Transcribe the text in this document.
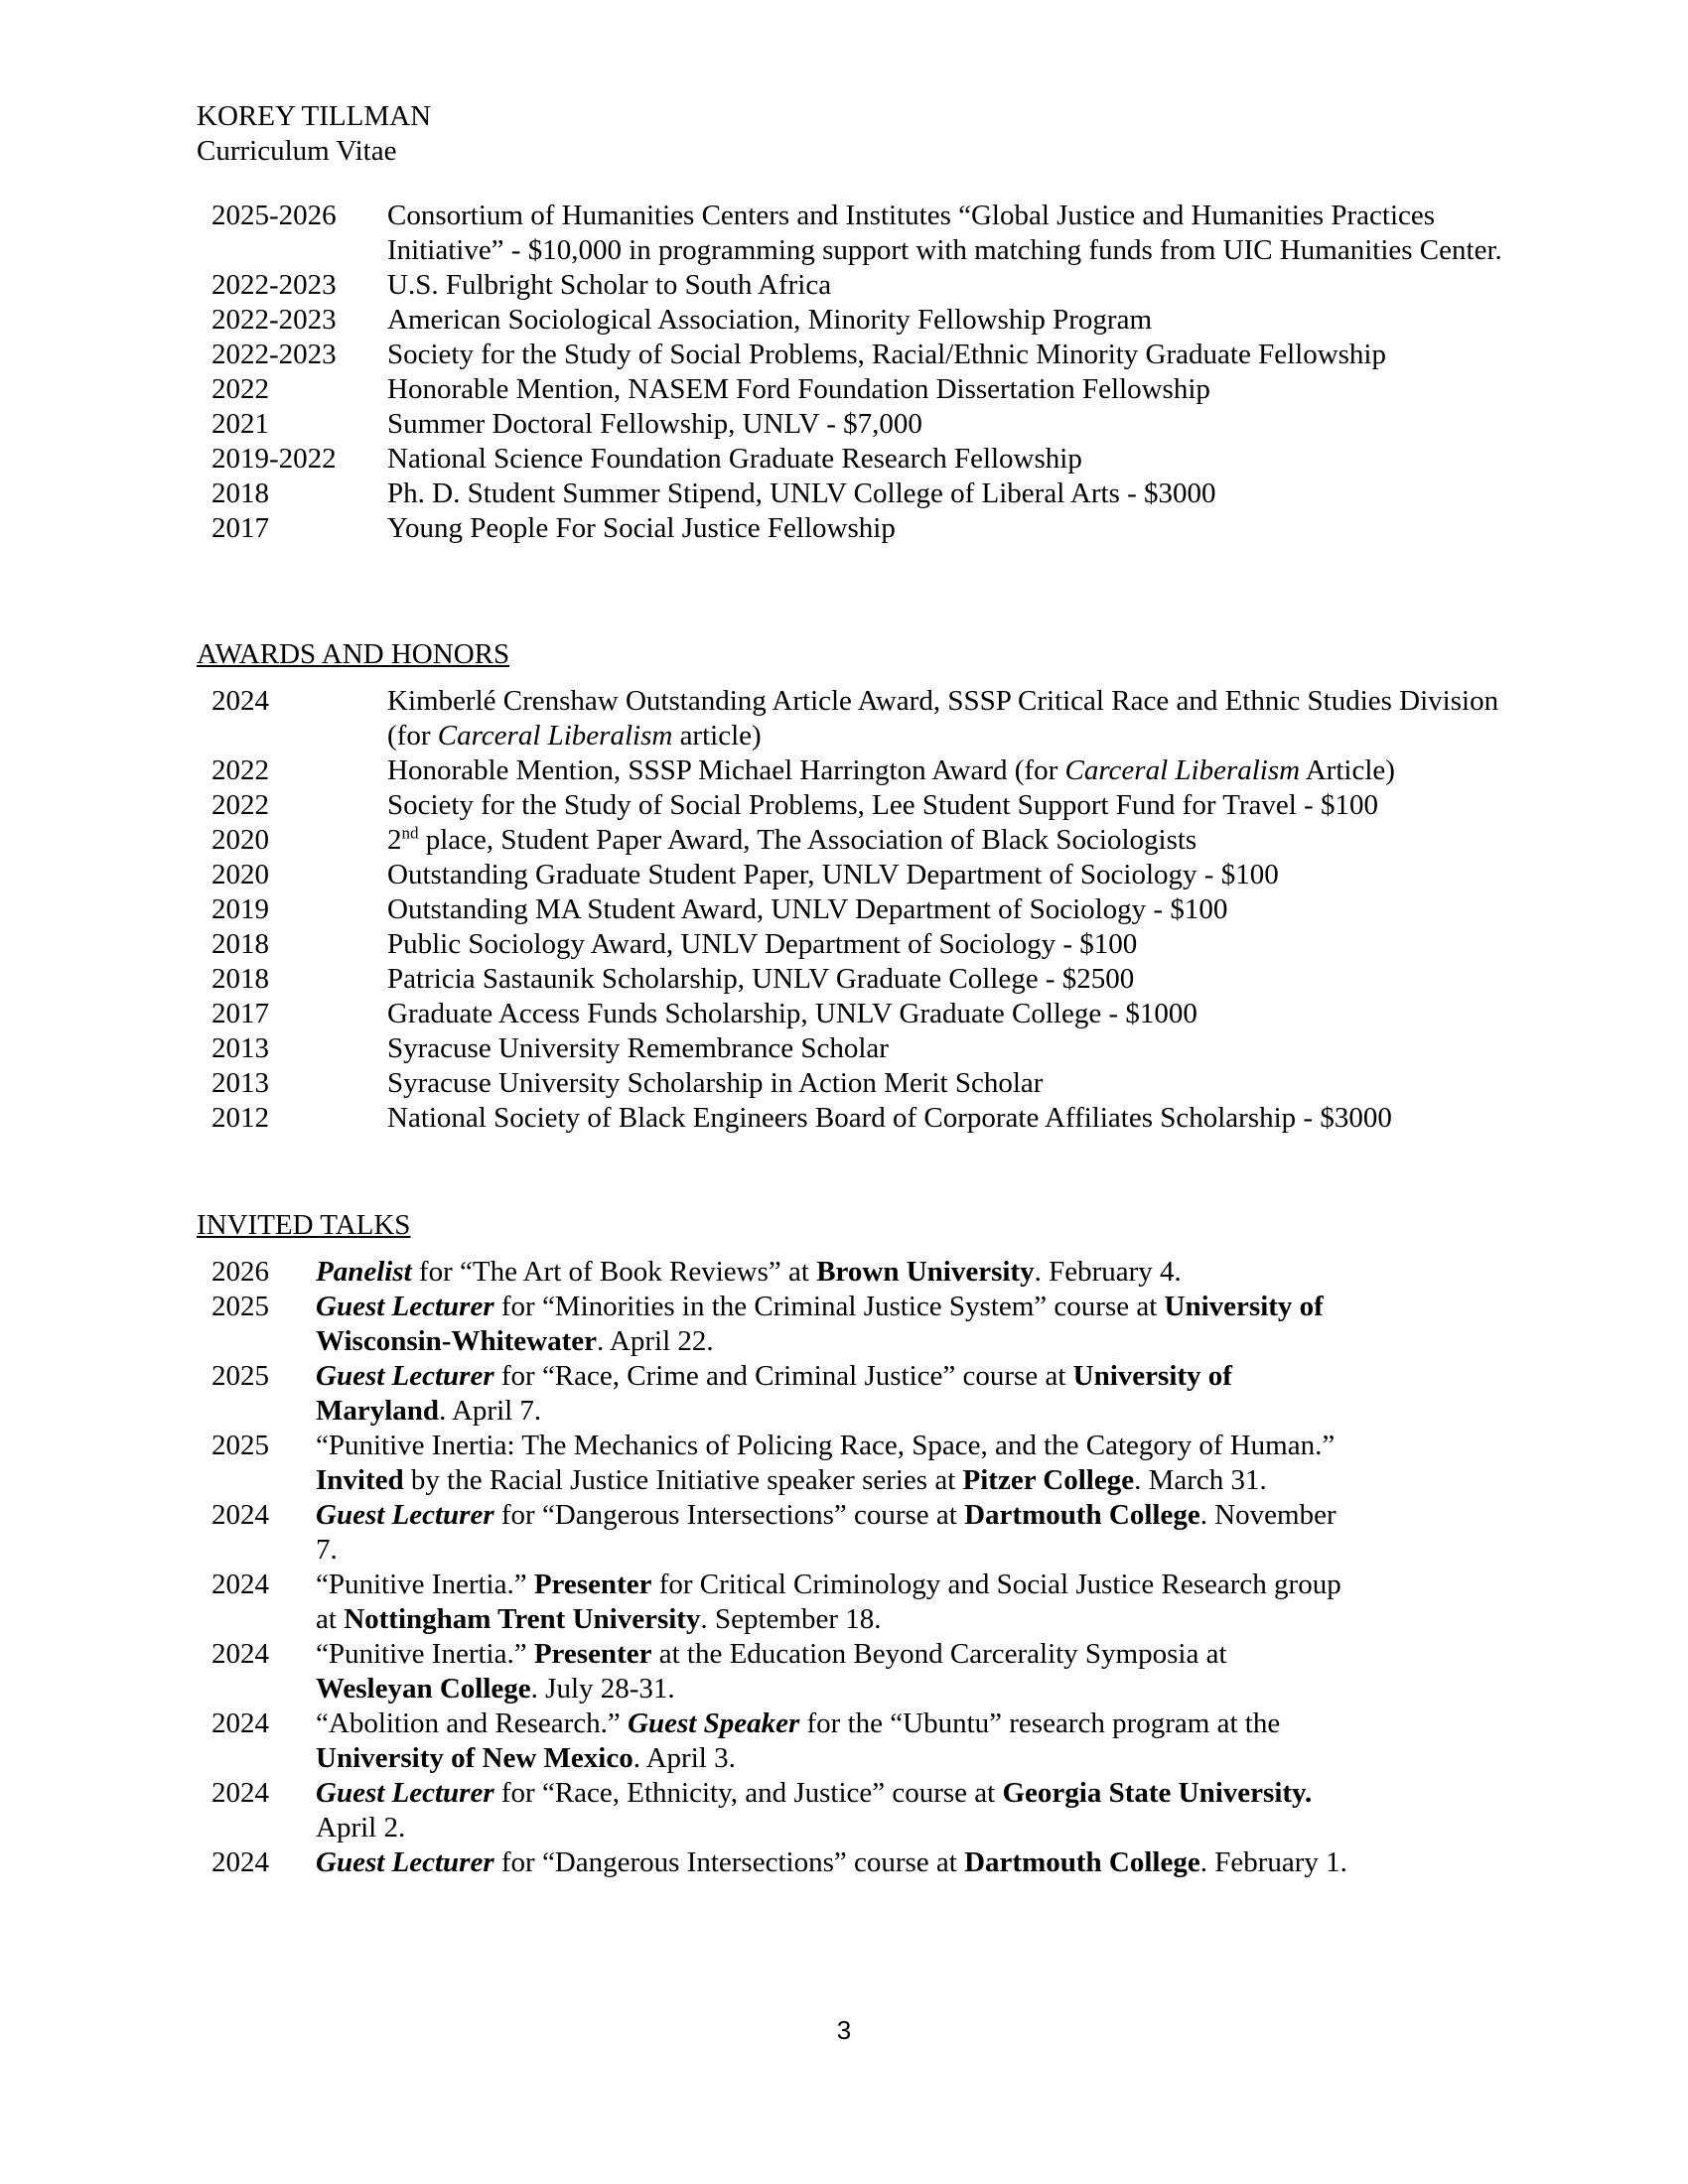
KOREY TILLMAN
Curriculum Vitae
2025-2026	Consortium of Humanities Centers and Institutes “Global Justice and Humanities Practices Initiative” - $10,000 in programming support with matching funds from UIC Humanities Center.
2022-2023	U.S. Fulbright Scholar to South Africa
2022-2023	American Sociological Association, Minority Fellowship Program
2022-2023	Society for the Study of Social Problems, Racial/Ethnic Minority Graduate Fellowship
2022	Honorable Mention, NASEM Ford Foundation Dissertation Fellowship
2021	Summer Doctoral Fellowship, UNLV - $7,000
2019-2022	National Science Foundation Graduate Research Fellowship
2018	Ph. D. Student Summer Stipend, UNLV College of Liberal Arts - $3000
2017	Young People For Social Justice Fellowship
AWARDS AND HONORS
2024	Kimberlé Crenshaw Outstanding Article Award, SSSP Critical Race and Ethnic Studies Division (for Carceral Liberalism article)
2022	Honorable Mention, SSSP Michael Harrington Award (for Carceral Liberalism Article)
2022	Society for the Study of Social Problems, Lee Student Support Fund for Travel - $100
2020	2nd place, Student Paper Award, The Association of Black Sociologists
2020	Outstanding Graduate Student Paper, UNLV Department of Sociology - $100
2019	Outstanding MA Student Award, UNLV Department of Sociology - $100
2018	Public Sociology Award, UNLV Department of Sociology - $100
2018	Patricia Sastaunik Scholarship, UNLV Graduate College - $2500
2017	Graduate Access Funds Scholarship, UNLV Graduate College - $1000
2013	Syracuse University Remembrance Scholar
2013	Syracuse University Scholarship in Action Merit Scholar
2012	National Society of Black Engineers Board of Corporate Affiliates Scholarship - $3000
INVITED TALKS
2026	Panelist for “The Art of Book Reviews” at Brown University. February 4.
2025	Guest Lecturer for “Minorities in the Criminal Justice System” course at University of Wisconsin-Whitewater. April 22.
2025	Guest Lecturer for “Race, Crime and Criminal Justice” course at University of Maryland. April 7.
2025	“Punitive Inertia: The Mechanics of Policing Race, Space, and the Category of Human.” Invited by the Racial Justice Initiative speaker series at Pitzer College. March 31.
2024	Guest Lecturer for “Dangerous Intersections” course at Dartmouth College. November 7.
2024	“Punitive Inertia.” Presenter for Critical Criminology and Social Justice Research group at Nottingham Trent University. September 18.
2024	“Punitive Inertia.” Presenter at the Education Beyond Carcerality Symposia at Wesleyan College. July 28-31.
2024	“Abolition and Research.” Guest Speaker for the “Ubuntu” research program at the University of New Mexico. April 3.
2024	Guest Lecturer for “Race, Ethnicity, and Justice” course at Georgia State University. April 2.
2024	Guest Lecturer for “Dangerous Intersections” course at Dartmouth College. February 1.
3
